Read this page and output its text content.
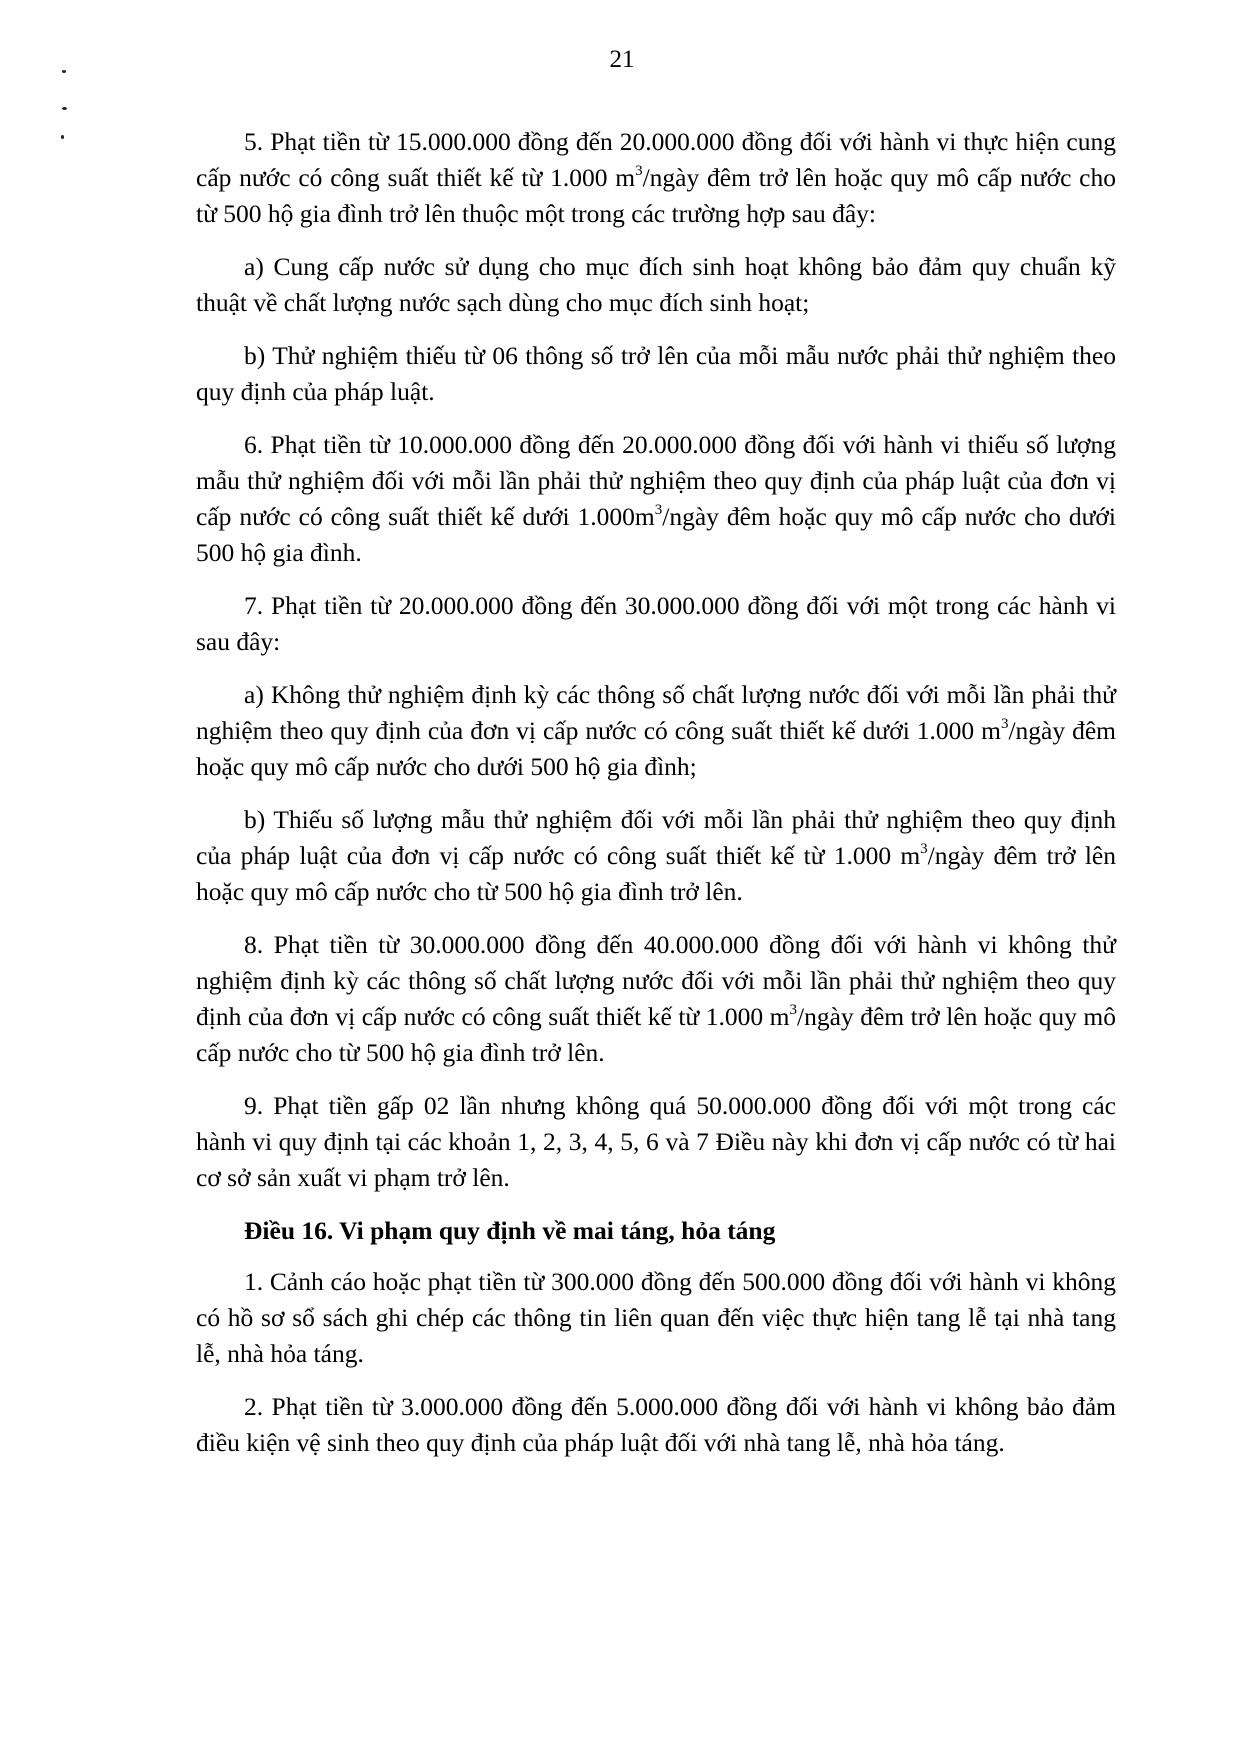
21

5. Phạt tiền từ 15.000.000 đồng đến 20.000.000 đồng đối với hành vi thực hiện cung cấp nước có công suất thiết kế từ 1.000 $m^3$/ngày đêm trở lên hoặc quy mô cấp nước cho từ 500 hộ gia đình trở lên thuộc một trong các trường hợp sau đây:

a) Cung cấp nước sử dụng cho mục đích sinh hoạt không bảo đảm quy chuẩn kỹ thuật về chất lượng nước sạch dùng cho mục đích sinh hoạt;

b) Thử nghiệm thiếu từ 06 thông số trở lên của mỗi mẫu nước phải thử nghiệm theo quy định của pháp luật.

6. Phạt tiền từ 10.000.000 đồng đến 20.000.000 đồng đối với hành vi thiếu số lượng mẫu thử nghiệm đối với mỗi lần phải thử nghiệm theo quy định của pháp luật của đơn vị cấp nước có công suất thiết kế dưới $1.000m^3$/ngày đêm hoặc quy mô cấp nước cho dưới 500 hộ gia đình.

7. Phạt tiền từ 20.000.000 đồng đến 30.000.000 đồng đối với một trong các hành vi sau đây:

a) Không thử nghiệm định kỳ các thông số chất lượng nước đối với mỗi lần phải thử nghiệm theo quy định của đơn vị cấp nước có công suất thiết kế dưới 1.000 $m^3$/ngày đêm hoặc quy mô cấp nước cho dưới 500 hộ gia đình;

b) Thiếu số lượng mẫu thử nghiệm đối với mỗi lần phải thử nghiệm theo quy định của pháp luật của đơn vị cấp nước có công suất thiết kế từ 1.000 $m^3$/ngày đêm trở lên hoặc quy mô cấp nước cho từ 500 hộ gia đình trở lên.

8. Phạt tiền từ 30.000.000 đồng đến 40.000.000 đồng đối với hành vi không thử nghiệm định kỳ các thông số chất lượng nước đối với mỗi lần phải thử nghiệm theo quy định của đơn vị cấp nước có công suất thiết kế từ 1.000 $m^3$/ngày đêm trở lên hoặc quy mô cấp nước cho từ 500 hộ gia đình trở lên.

9. Phạt tiền gấp 02 lần nhưng không quá 50.000.000 đồng đối với một trong các hành vi quy định tại các khoản 1, 2, 3, 4, 5, 6 và 7 Điều này khi đơn vị cấp nước có từ hai cơ sở sản xuất vi phạm trở lên.

Điều 16. Vi phạm quy định về mai táng, hỏa táng

1. Cảnh cáo hoặc phạt tiền từ 300.000 đồng đến 500.000 đồng đối với hành vi không có hồ sơ sổ sách ghi chép các thông tin liên quan đến việc thực hiện tang lễ tại nhà tang lễ, nhà hỏa táng.

2. Phạt tiền từ 3.000.000 đồng đến 5.000.000 đồng đối với hành vi không bảo đảm điều kiện vệ sinh theo quy định của pháp luật đối với nhà tang lễ, nhà hỏa táng.
